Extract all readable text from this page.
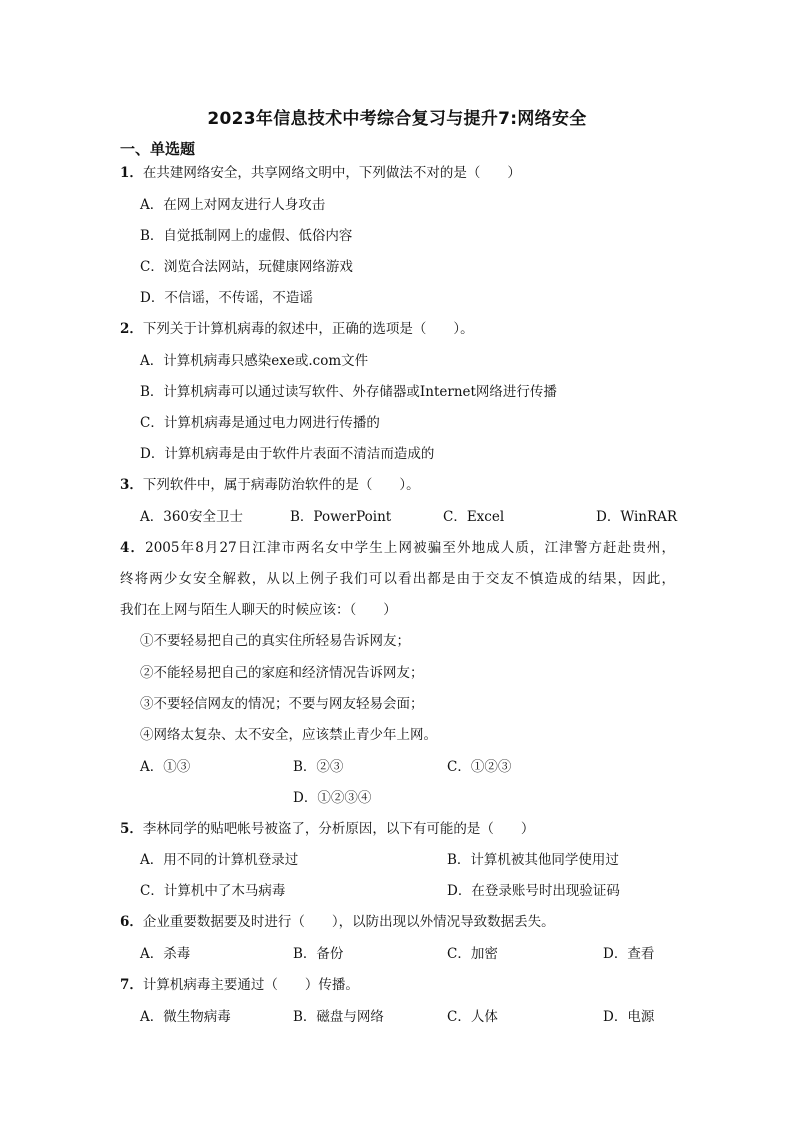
2023年信息技术中考综合复习与提升7:网络安全
一、单选题
1．在共建网络安全，共享网络文明中，下列做法不对的是（　　）
A．在网上对网友进行人身攻击
B．自觉抵制网上的虚假、低俗内容
C．浏览合法网站，玩健康网络游戏
D．不信谣，不传谣，不造谣
2．下列关于计算机病毒的叙述中，正确的选项是（　　）。
A．计算机病毒只感染exe或.com文件
B．计算机病毒可以通过读写软件、外存储器或Internet网络进行传播
C．计算机病毒是通过电力网进行传播的
D．计算机病毒是由于软件片表面不清洁而造成的
3．下列软件中，属于病毒防治软件的是（　　）。
A．360安全卫士	B．PowerPoint	C．Excel	D．WinRAR
4．2005年8月27日江津市两名女中学生上网被骗至外地成人质，江津警方赶赴贵州，
终将两少女安全解救，从以上例子我们可以看出都是由于交友不慎造成的结果，因此，
我们在上网与陌生人聊天的时候应该：（　　）
①不要轻易把自己的真实住所轻易告诉网友；
②不能轻易把自己的家庭和经济情况告诉网友；
③不要轻信网友的情况；不要与网友轻易会面；
④网络太复杂、太不安全，应该禁止青少年上网。
A．①③	B．②③	C．①②③
D．①②③④
5．李林同学的贴吧帐号被盗了，分析原因，以下有可能的是（　　）
A．用不同的计算机登录过	B．计算机被其他同学使用过
C．计算机中了木马病毒	D．在登录账号时出现验证码
6．企业重要数据要及时进行（　　），以防出现以外情况导致数据丢失。
A．杀毒	B．备份	C．加密	D．查看
7．计算机病毒主要通过（　　）传播。
A．微生物病毒	B．磁盘与网络	C．人体	D．电源
